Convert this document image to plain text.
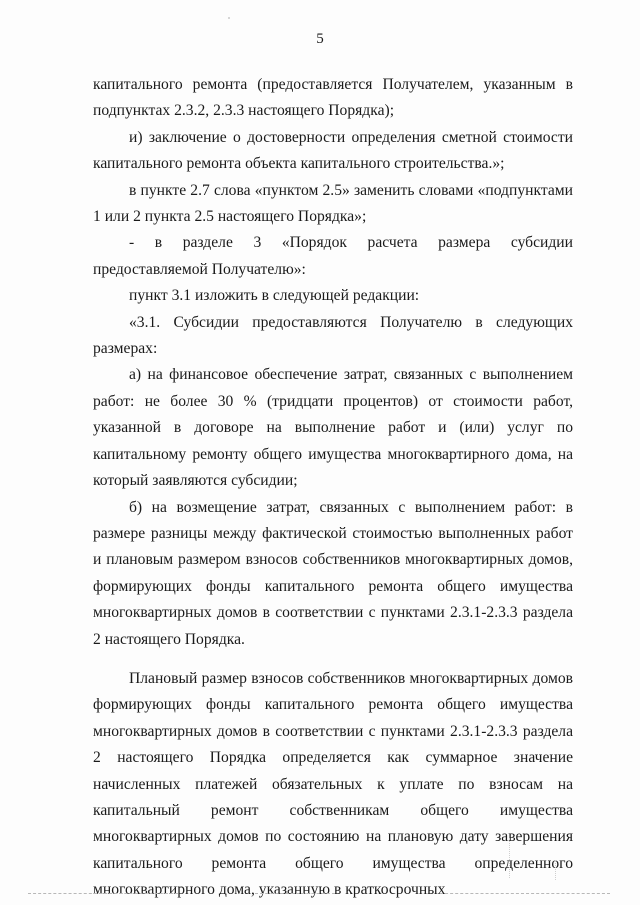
5

капитального ремонта (предоставляется Получателем, указанным в подпунктах 2.3.2, 2.3.3 настоящего Порядка);

и) заключение о достоверности определения сметной стоимости капитального ремонта объекта капитального строительства.»;

в пункте 2.7 слова «пунктом 2.5» заменить словами «подпунктами 1 или 2 пункта 2.5 настоящего Порядка»;

- в разделе 3 «Порядок расчета размера субсидии предоставляемой Получателю»:

пункт 3.1 изложить в следующей редакции:

«3.1. Субсидии предоставляются Получателю в следующих размерах:

а) на финансовое обеспечение затрат, связанных с выполнением работ: не более 30 % (тридцати процентов) от стоимости работ, указанной в договоре на выполнение работ и (или) услуг по капитальному ремонту общего имущества многоквартирного дома, на который заявляются субсидии;

б) на возмещение затрат, связанных с выполнением работ: в размере разницы между фактической стоимостью выполненных работ и плановым размером взносов собственников многоквартирных домов, формирующих фонды капитального ремонта общего имущества многоквартирных домов в соответствии с пунктами 2.3.1-2.3.3 раздела 2 настоящего Порядка.

Плановый размер взносов собственников многоквартирных домов формирующих фонды капитального ремонта общего имущества многоквартирных домов в соответствии с пунктами 2.3.1-2.3.3 раздела 2 настоящего Порядка определяется как суммарное значение начисленных платежей обязательных к уплате по взносам на капитальный ремонт собственникам общего имущества многоквартирных домов по состоянию на плановую дату завершения капитального ремонта общего имущества определенного многоквартирного дома, указанную в краткосрочных
